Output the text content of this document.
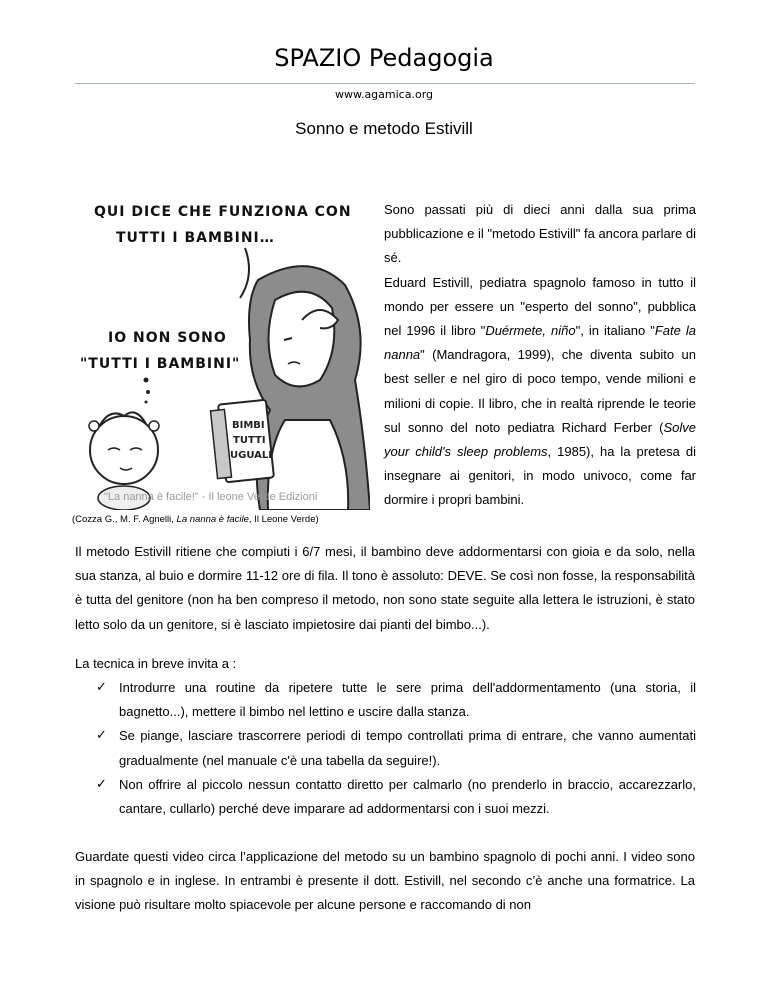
SPAZIO Pedagogia
www.agamica.org
Sonno e metodo Estivill
QUI DICE CHE FUNZIONA CON
TUTTI I BAMBINI…
IO NON SONO
"TUTTI I BAMBINI"
BIMBI
TUTTI
UGUALI
"La nanna è facile!" - Il leone Verde Edizioni
(Cozza G., M. F. Agnelli, La nanna è facile, Il Leone Verde)

Sono passati più di dieci anni dalla sua prima pubblicazione e il "metodo Estivill" fa ancora parlare di sé.

Eduard Estivill, pediatra spagnolo famoso in tutto il mondo per essere un "esperto del sonno", pubblica nel 1996 il libro "Duérmete, niño", in italiano "Fate la nanna" (Mandragora, 1999), che diventa subito un best seller e nel giro di poco tempo, vende milioni e milioni di copie. Il libro, che in realtà riprende le teorie sul sonno del noto pediatra Richard Ferber (Solve your child's sleep problems, 1985), ha la pretesa di insegnare ai genitori, in modo univoco, come far dormire i propri bambini.

Il metodo Estivill ritiene che compiuti i 6/7 mesi, il bambino deve addormentarsi con gioia e da solo, nella sua stanza, al buio e dormire 11-12 ore di fila. Il tono è assoluto: DEVE. Se così non fosse, la responsabilità è tutta del genitore (non ha ben compreso il metodo, non sono state seguite alla lettera le istruzioni, è stato letto solo da un genitore, si è lasciato impietosire dai pianti del bimbo...).

La tecnica in breve invita a :

✓ Introdurre una routine da ripetere tutte le sere prima dell'addormentamento (una storia, il bagnetto...), mettere il bimbo nel lettino e uscire dalla stanza.
✓ Se piange, lasciare trascorrere periodi di tempo controllati prima di entrare, che vanno aumentati gradualmente (nel manuale c'è una tabella da seguire!).
✓ Non offrire al piccolo nessun contatto diretto per calmarlo (no prenderlo in braccio, accarezzarlo, cantare, cullarlo) perché deve imparare ad addormentarsi con i suoi mezzi.

Guardate questi video circa l’applicazione del metodo su un bambino spagnolo di pochi anni. I video sono in spagnolo e in inglese. In entrambi è presente il dott. Estivill, nel secondo c’è anche una formatrice. La visione può risultare molto spiacevole per alcune persone e raccomando di non
